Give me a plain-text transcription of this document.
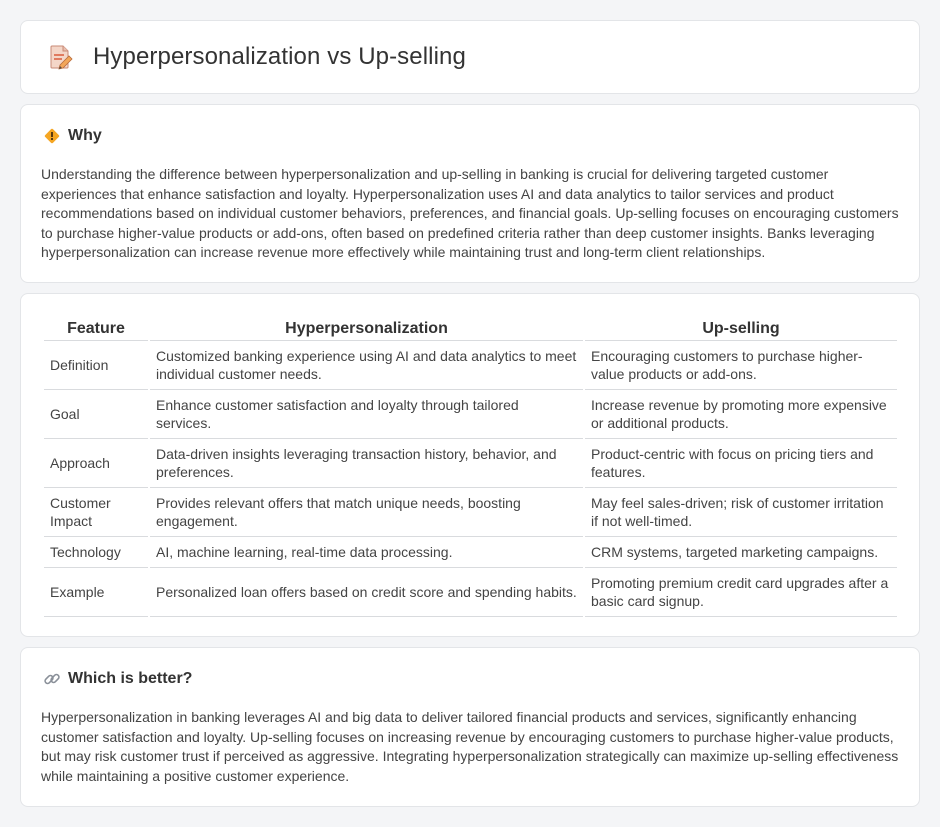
Hyperpersonalization vs Up-selling
Why

Understanding the difference between hyperpersonalization and up-selling in banking is crucial for delivering targeted customer experiences that enhance satisfaction and loyalty. Hyperpersonalization uses AI and data analytics to tailor services and product recommendations based on individual customer behaviors, preferences, and financial goals. Up-selling focuses on encouraging customers to purchase higher-value products or add-ons, often based on predefined criteria rather than deep customer insights. Banks leveraging hyperpersonalization can increase revenue more effectively while maintaining trust and long-term client relationships.

Feature	Hyperpersonalization	Up-selling
Definition	Customized banking experience using AI and data analytics to meet individual customer needs.	Encouraging customers to purchase higher-value products or add-ons.
Goal	Enhance customer satisfaction and loyalty through tailored services.	Increase revenue by promoting more expensive or additional products.
Approach	Data-driven insights leveraging transaction history, behavior, and preferences.	Product-centric with focus on pricing tiers and features.
Customer Impact	Provides relevant offers that match unique needs, boosting engagement.	May feel sales-driven; risk of customer irritation if not well-timed.
Technology	AI, machine learning, real-time data processing.	CRM systems, targeted marketing campaigns.
Example	Personalized loan offers based on credit score and spending habits.	Promoting premium credit card upgrades after a basic card signup.
Which is better?

Hyperpersonalization in banking leverages AI and big data to deliver tailored financial products and services, significantly enhancing customer satisfaction and loyalty. Up-selling focuses on increasing revenue by encouraging customers to purchase higher-value products, but may risk customer trust if perceived as aggressive. Integrating hyperpersonalization strategically can maximize up-selling effectiveness while maintaining a positive customer experience.
